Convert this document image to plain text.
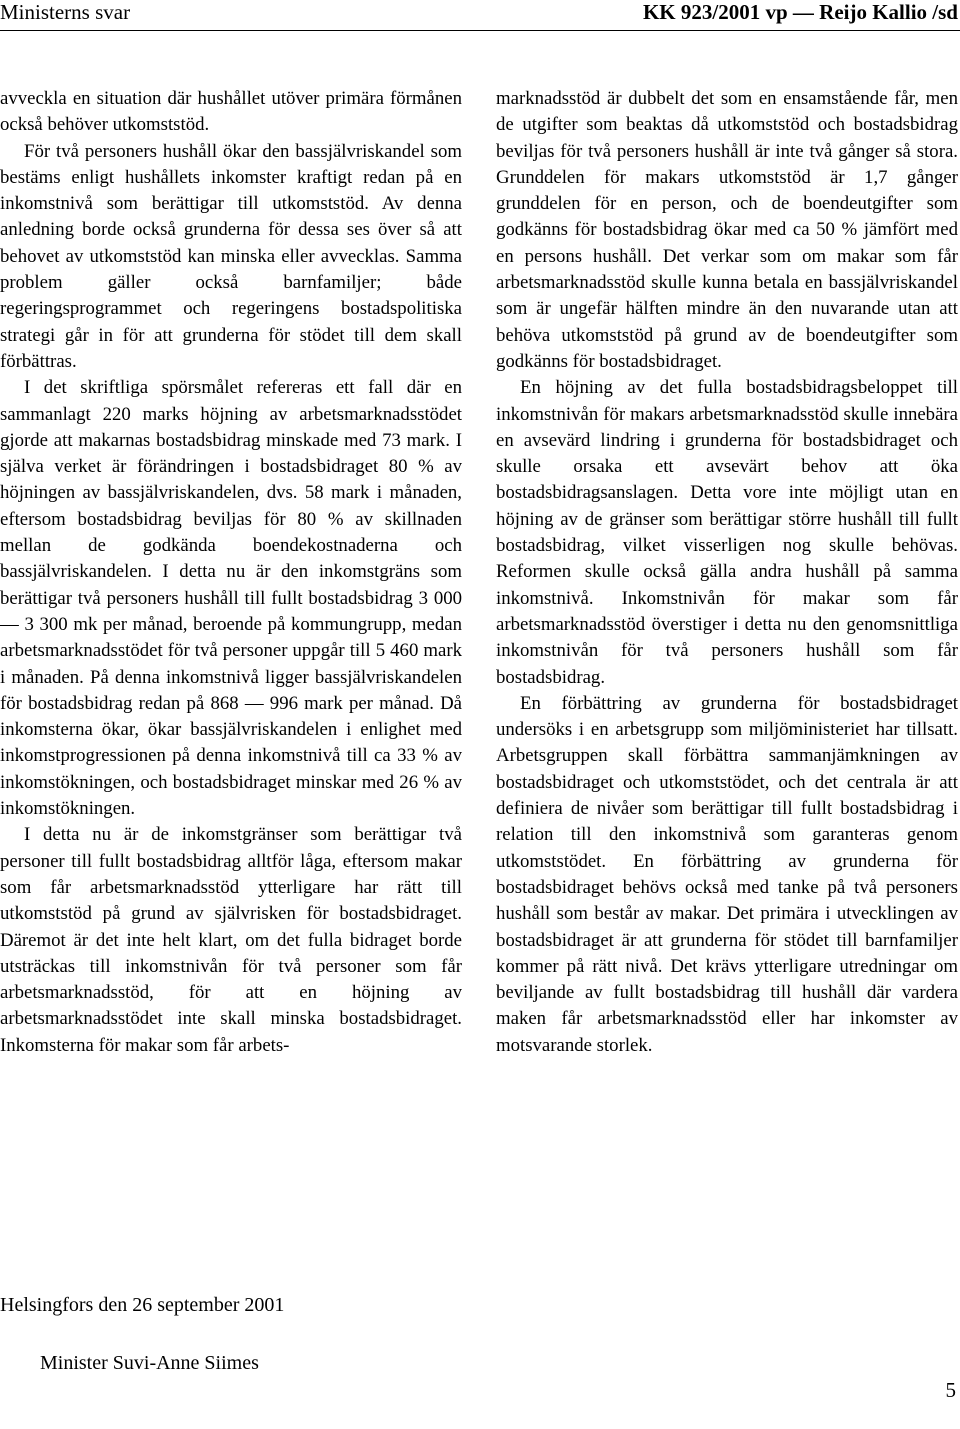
Ministerns svar	KK 923/2001 vp — Reijo Kallio /sd

avveckla en situation där hushållet utöver primära förmånen också behöver utkomststöd.

För två personers hushåll ökar den bassjälvriskandel som bestäms enligt hushållets inkomster kraftigt redan på en inkomstnivå som berättigar till utkomststöd. Av denna anledning borde också grunderna för dessa ses över så att behovet av utkomststöd kan minska eller avvecklas. Samma problem gäller också barnfamiljer; både regeringsprogrammet och regeringens bostadspolitiska strategi går in för att grunderna för stödet till dem skall förbättras.

I det skriftliga spörsmålet refereras ett fall där en sammanlagt 220 marks höjning av arbetsmarknadsstödet gjorde att makarnas bostadsbidrag minskade med 73 mark. I själva verket är förändringen i bostadsbidraget 80 % av höjningen av bassjälvriskandelen, dvs. 58 mark i månaden, eftersom bostadsbidrag beviljas för 80 % av skillnaden mellan de godkända boendekostnaderna och bassjälvriskandelen. I detta nu är den inkomstgräns som berättigar två personers hushåll till fullt bostadsbidrag 3 000 — 3 300 mk per månad, beroende på kommungrupp, medan arbetsmarknadsstödet för två personer uppgår till 5 460 mark i månaden. På denna inkomstnivå ligger bassjälvriskandelen för bostadsbidrag redan på 868 — 996 mark per månad. Då inkomsterna ökar, ökar bassjälvriskandelen i enlighet med inkomstprogressionen på denna inkomstnivå till ca 33 % av inkomstökningen, och bostadsbidraget minskar med 26 % av inkomstökningen.

I detta nu är de inkomstgränser som berättigar två personer till fullt bostadsbidrag alltför låga, eftersom makar som får arbetsmarknadsstöd ytterligare har rätt till utkomststöd på grund av självrisken för bostadsbidraget. Däremot är det inte helt klart, om det fulla bidraget borde utsträckas till inkomstnivån för två personer som får arbetsmarknadsstöd, för att en höjning av arbetsmarknadsstödet inte skall minska bostadsbidraget. Inkomsterna för makar som får arbets-

marknadsstöd är dubbelt det som en ensamstående får, men de utgifter som beaktas då utkomststöd och bostadsbidrag beviljas för två personers hushåll är inte två gånger så stora. Grunddelen för makars utkomststöd är 1,7 gånger grunddelen för en person, och de boendeutgifter som godkänns för bostadsbidrag ökar med ca 50 % jämfört med en persons hushåll. Det verkar som om makar som får arbetsmarknadsstöd skulle kunna betala en bassjälvriskandel som är ungefär hälften mindre än den nuvarande utan att behöva utkomststöd på grund av de boendeutgifter som godkänns för bostadsbidraget.

En höjning av det fulla bostadsbidragsbeloppet till inkomstnivån för makars arbetsmarknadsstöd skulle innebära en avsevärd lindring i grunderna för bostadsbidraget och skulle orsaka ett avsevärt behov att öka bostadsbidragsanslagen. Detta vore inte möjligt utan en höjning av de gränser som berättigar större hushåll till fullt bostadsbidrag, vilket visserligen nog skulle behövas. Reformen skulle också gälla andra hushåll på samma inkomstnivå. Inkomstnivån för makar som får arbetsmarknadsstöd överstiger i detta nu den genomsnittliga inkomstnivån för två personers hushåll som får bostadsbidrag.

En förbättring av grunderna för bostadsbidraget undersöks i en arbetsgrupp som miljöministeriet har tillsatt. Arbetsgruppen skall förbättra sammanjämkningen av bostadsbidraget och utkomststödet, och det centrala är att definiera de nivåer som berättigar till fullt bostadsbidrag i relation till den inkomstnivå som garanteras genom utkomststödet. En förbättring av grunderna för bostadsbidraget behövs också med tanke på två personers hushåll som består av makar. Det primära i utvecklingen av bostadsbidraget är att grunderna för stödet till barnfamiljer kommer på rätt nivå. Det krävs ytterligare utredningar om beviljande av fullt bostadsbidrag till hushåll där vardera maken får arbetsmarknadsstöd eller har inkomster av motsvarande storlek.

Helsingfors den 26 september 2001
Minister Suvi-Anne Siimes
5
